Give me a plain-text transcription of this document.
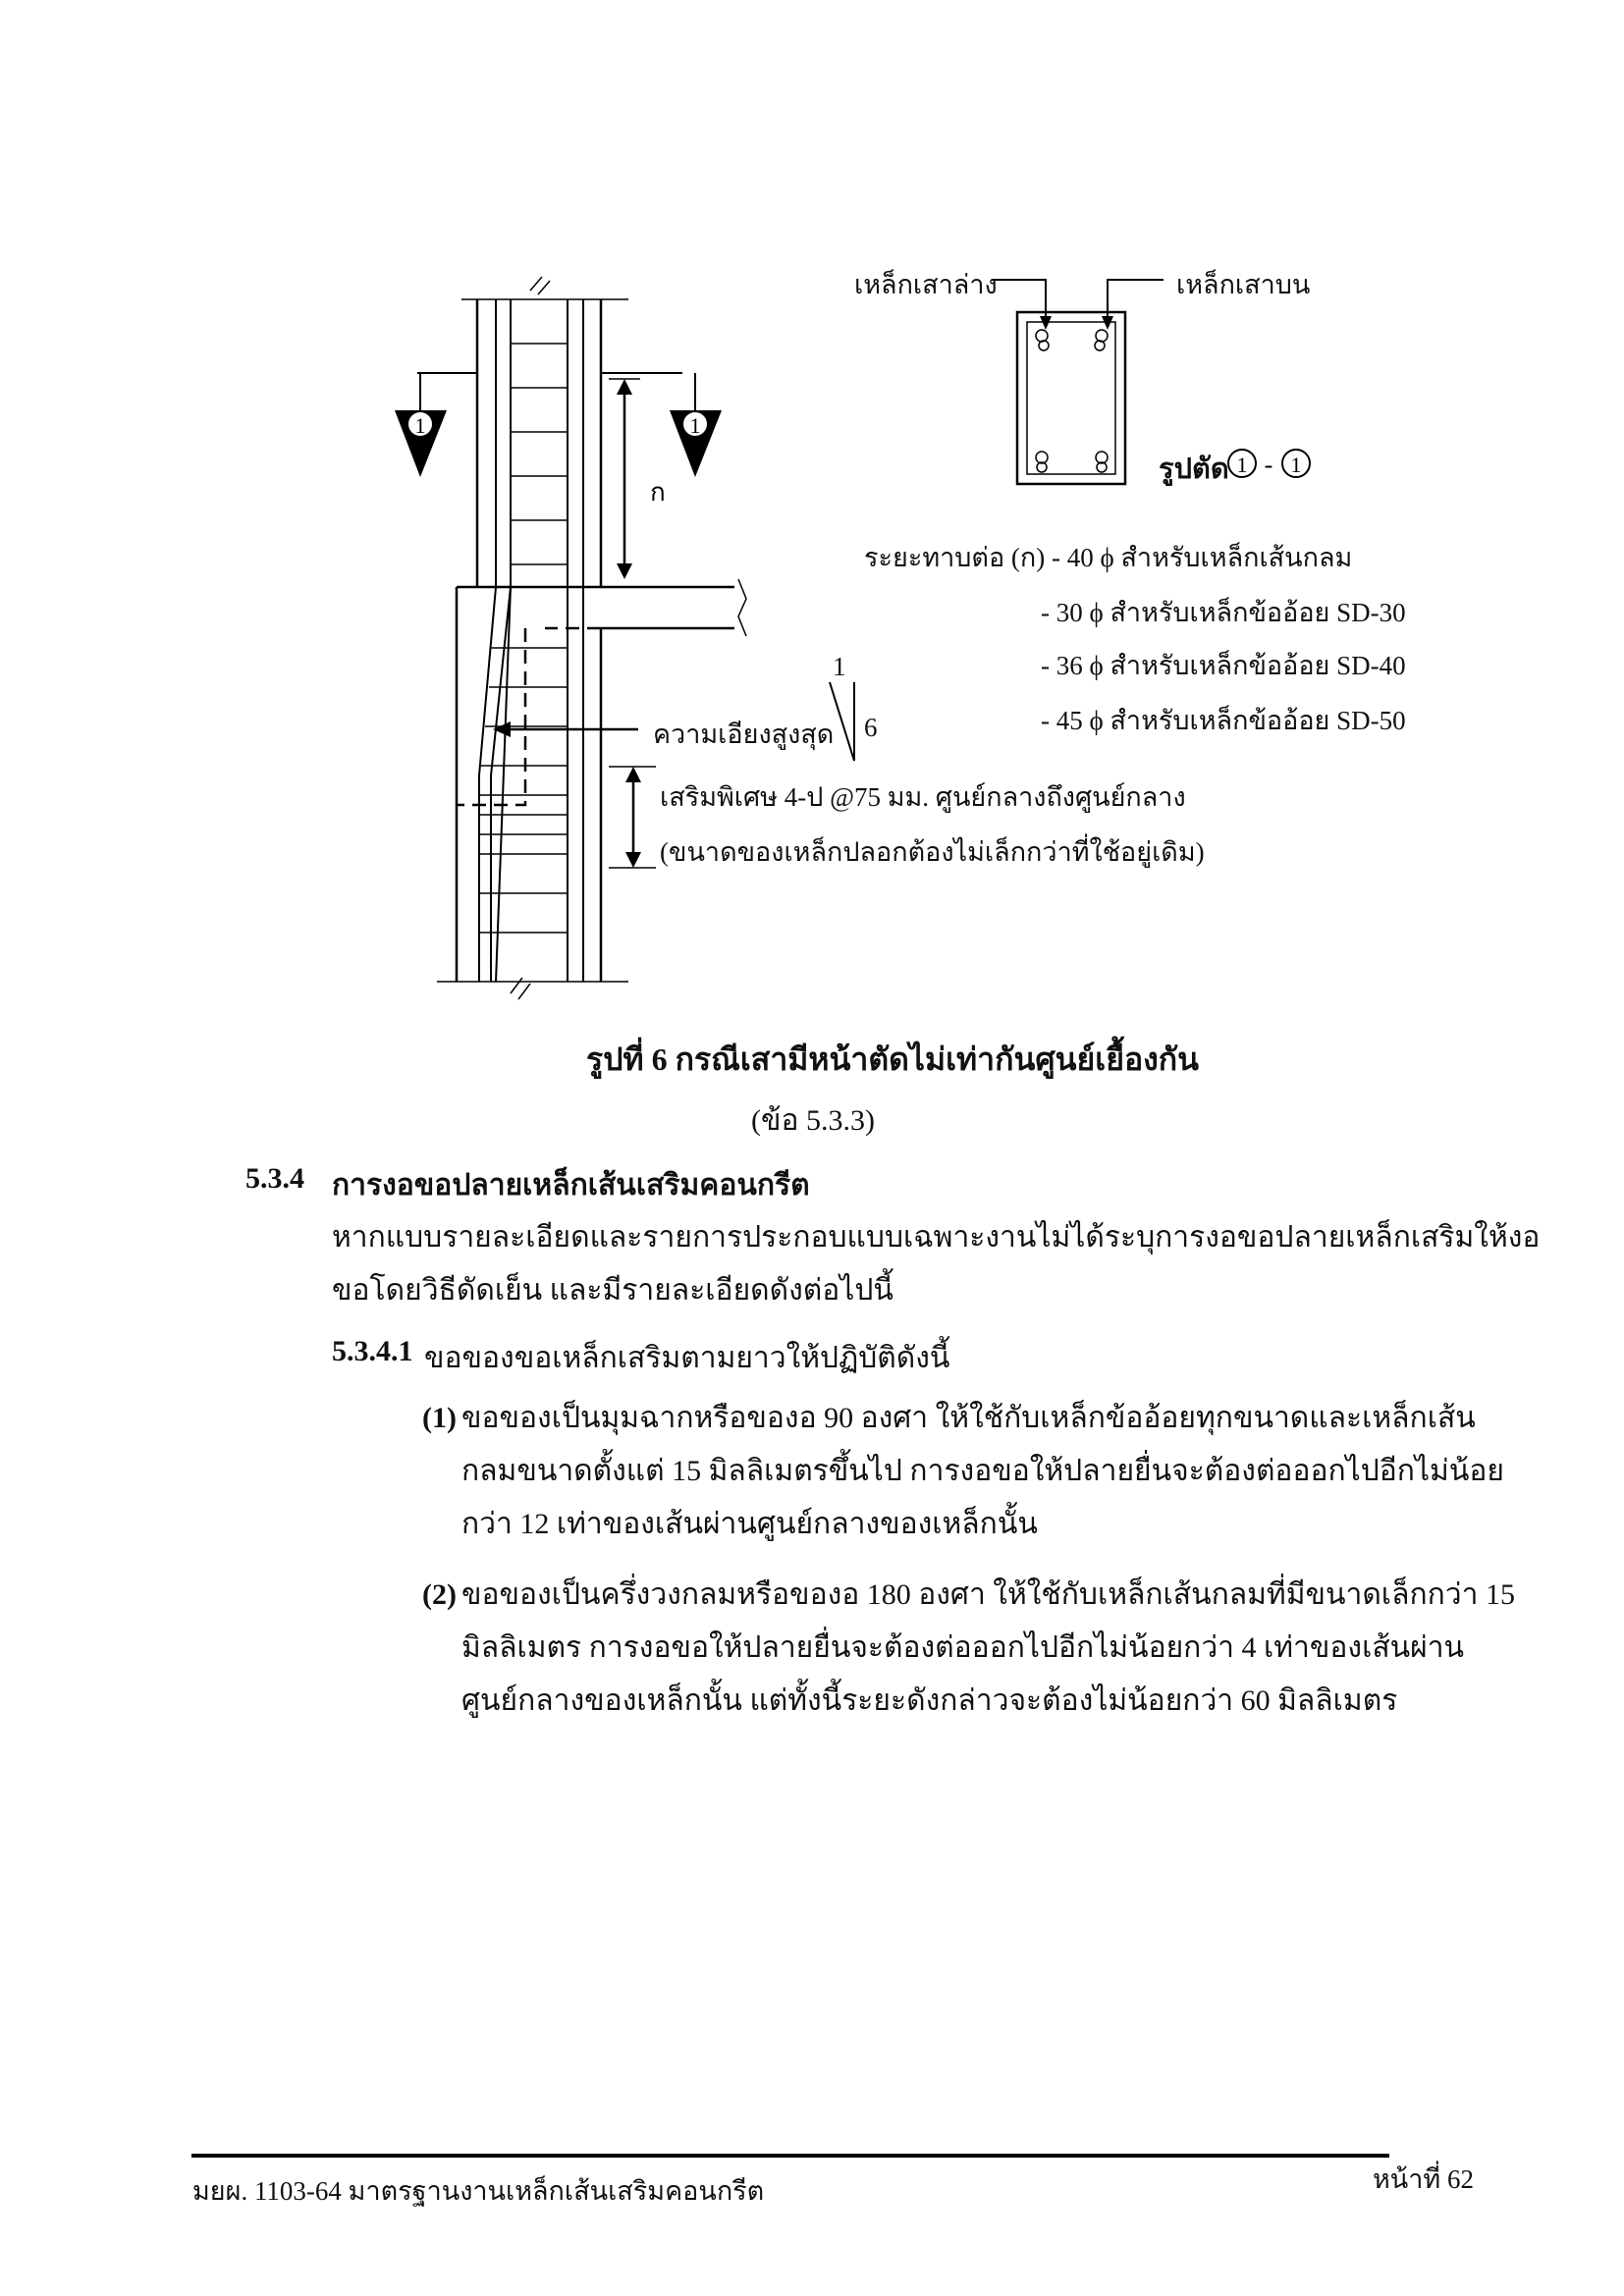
1	1
ก
1 - 1
เหล็กเสาล่าง	เหล็กเสาบน
รูปตัด
ระยะทาบต่อ (ก) - 40 ϕ สำหรับเหล็กเส้นกลม
- 30 ϕ สำหรับเหล็กข้ออ้อย SD-30
- 36 ϕ สำหรับเหล็กข้ออ้อย SD-40
- 45 ϕ สำหรับเหล็กข้ออ้อย SD-50
1
ความเอียงสูงสุด 6
เสริมพิเศษ 4-ป @75 มม. ศูนย์กลางถึงศูนย์กลาง
(ขนาดของเหล็กปลอกต้องไม่เล็กกว่าที่ใช้อยู่เดิม)
รูปที่ 6 กรณีเสามีหน้าตัดไม่เท่ากันศูนย์เยื้องกัน
(ข้อ 5.3.3)
5.3.4 การงอขอปลายเหล็กเส้นเสริมคอนกรีต
หากแบบรายละเอียดและรายการประกอบแบบเฉพาะงานไม่ได้ระบุการงอขอปลายเหล็กเสริมให้งอ
ขอโดยวิธีดัดเย็น และมีรายละเอียดดังต่อไปนี้
5.3.4.1 ขอของขอเหล็กเสริมตามยาวให้ปฏิบัติดังนี้
(1) ขอของเป็นมุมฉากหรือของอ 90 องศา ให้ใช้กับเหล็กข้ออ้อยทุกขนาดและเหล็กเส้น
กลมขนาดตั้งแต่ 15 มิลลิเมตรขึ้นไป การงอขอให้ปลายยื่นจะต้องต่อออกไปอีกไม่น้อย
กว่า 12 เท่าของเส้นผ่านศูนย์กลางของเหล็กนั้น
(2) ขอของเป็นครึ่งวงกลมหรือของอ 180 องศา ให้ใช้กับเหล็กเส้นกลมที่มีขนาดเล็กกว่า 15
มิลลิเมตร การงอขอให้ปลายยื่นจะต้องต่อออกไปอีกไม่น้อยกว่า 4 เท่าของเส้นผ่าน
ศูนย์กลางของเหล็กนั้น แต่ทั้งนี้ระยะดังกล่าวจะต้องไม่น้อยกว่า 60 มิลลิเมตร
มยผ. 1103-64 มาตรฐานงานเหล็กเส้นเสริมคอนกรีต	หน้าที่ 62
